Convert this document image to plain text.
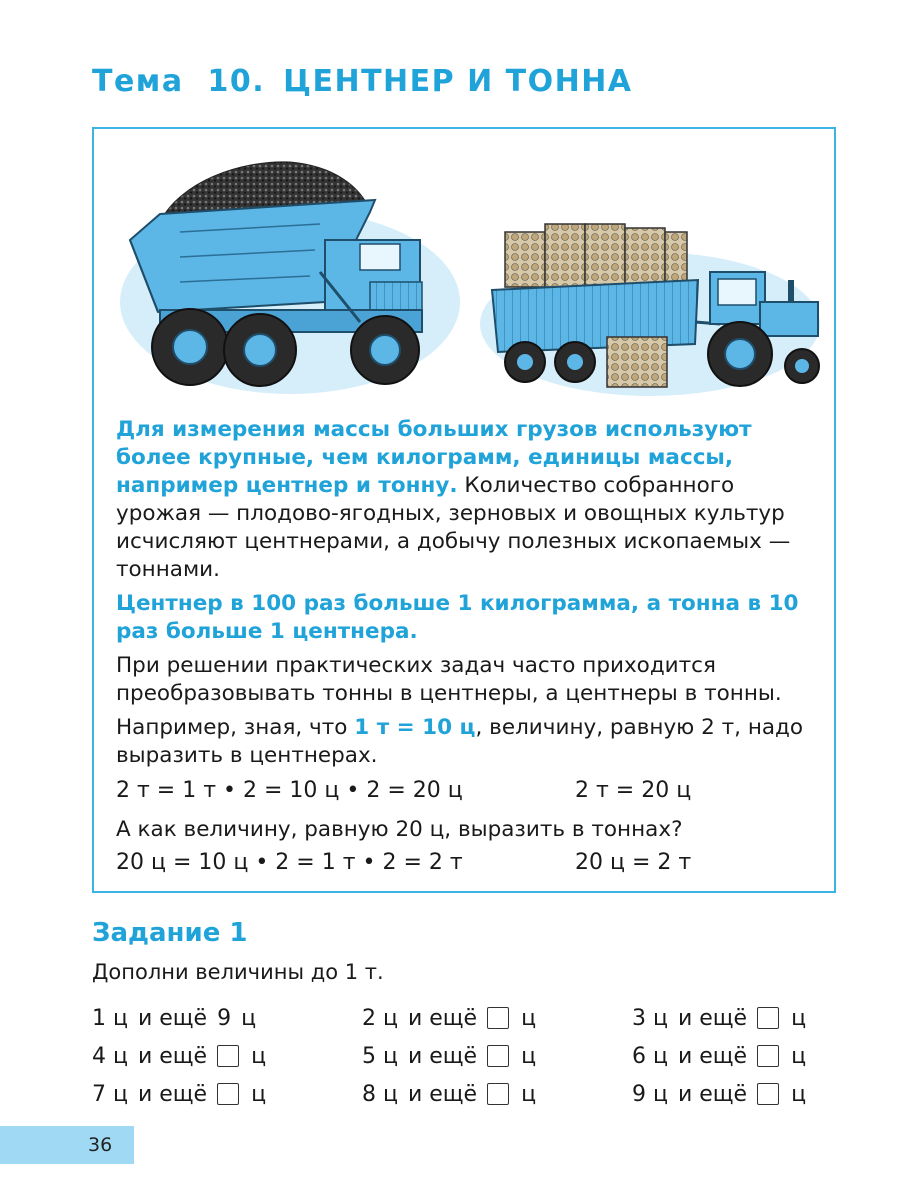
Тема 10. ЦЕНТНЕР И ТОННА

Для измерения массы больших грузов используют более крупные, чем килограмм, единицы массы, например центнер и тонну. Количество собранного урожая — плодово-ягодных, зерновых и овощных культур исчисляют центнерами, а добычу полезных ископаемых — тоннами.

Центнер в 100 раз больше 1 килограмма, а тонна в 10 раз больше 1 центнера.

При решении практических задач часто приходится преобразовывать тонны в центнеры, а центнеры в тонны.

Например, зная, что 1 т = 10 ц, величину, равную 2 т, надо выразить в центнерах.

2 т = 1 т • 2 = 10 ц • 2 = 20 ц	2 т = 20 ц

А как величину, равную 20 ц, выразить в тоннах?

20 ц = 10 ц • 2 = 1 т • 2 = 2 т	20 ц = 2 т
Задание 1
Дополни величины до 1 т.
1 ц и ещё 9 ц	2 ц и ещё ц	3 ц и ещё ц
4 ц и ещё ц	5 ц и ещё ц	6 ц и ещё ц
7 ц и ещё ц	8 ц и ещё ц	9 ц и ещё ц
36
